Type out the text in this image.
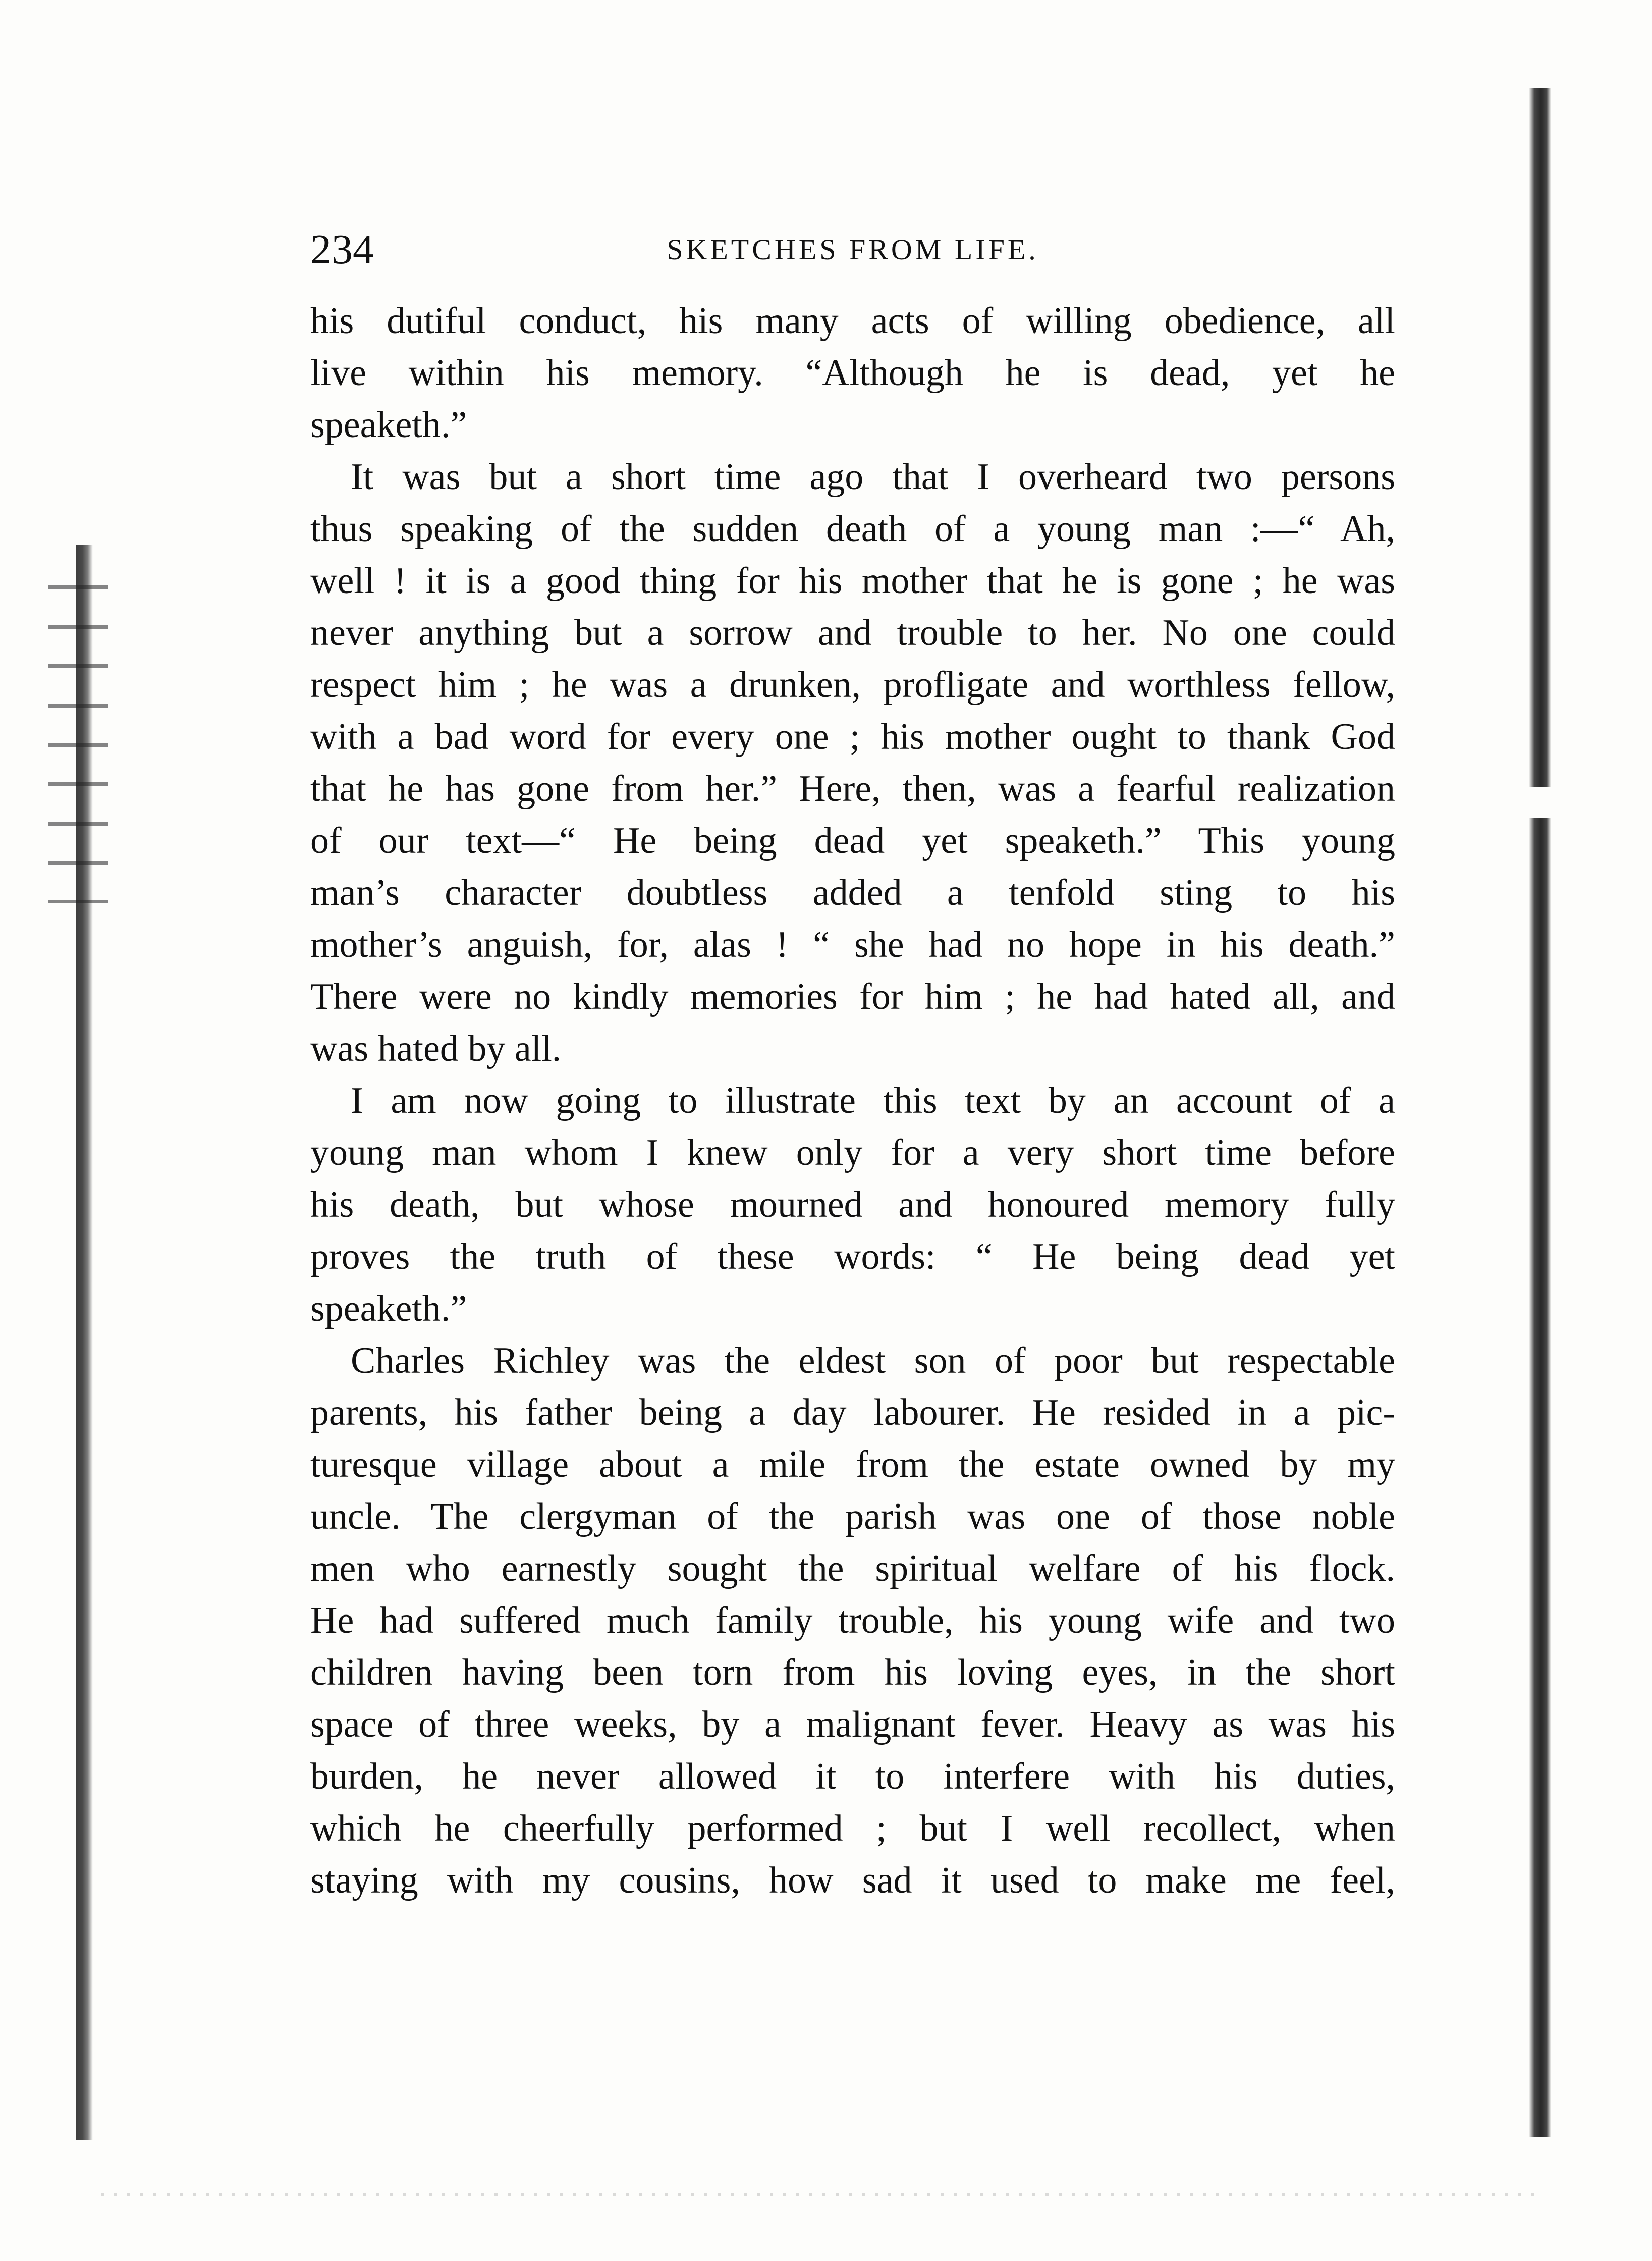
234	SKETCHES FROM LIFE.
his dutiful conduct, his many acts of willing obedience, all
live within his memory. “Although he is dead, yet he
speaketh.”
It was but a short time ago that I overheard two persons
thus speaking of the sudden death of a young man :—“ Ah,
well ! it is a good thing for his mother that he is gone ; he was
never anything but a sorrow and trouble to her. No one could
respect him ; he was a drunken, profligate and worthless fellow,
with a bad word for every one ; his mother ought to thank God
that he has gone from her.” Here, then, was a fearful realization
of our text—“ He being dead yet speaketh.” This young
man’s character doubtless added a tenfold sting to his
mother’s anguish, for, alas ! “ she had no hope in his death.”
There were no kindly memories for him ; he had hated all, and
was hated by all.
I am now going to illustrate this text by an account of a
young man whom I knew only for a very short time before
his death, but whose mourned and honoured memory fully
proves the truth of these words: “ He being dead yet
speaketh.”
Charles Richley was the eldest son of poor but respectable
parents, his father being a day labourer. He resided in a pic-
turesque village about a mile from the estate owned by my
uncle. The clergyman of the parish was one of those noble
men who earnestly sought the spiritual welfare of his flock.
He had suffered much family trouble, his young wife and two
children having been torn from his loving eyes, in the short
space of three weeks, by a malignant fever. Heavy as was his
burden, he never allowed it to interfere with his duties,
which he cheerfully performed ; but I well recollect, when
staying with my cousins, how sad it used to make me feel,
